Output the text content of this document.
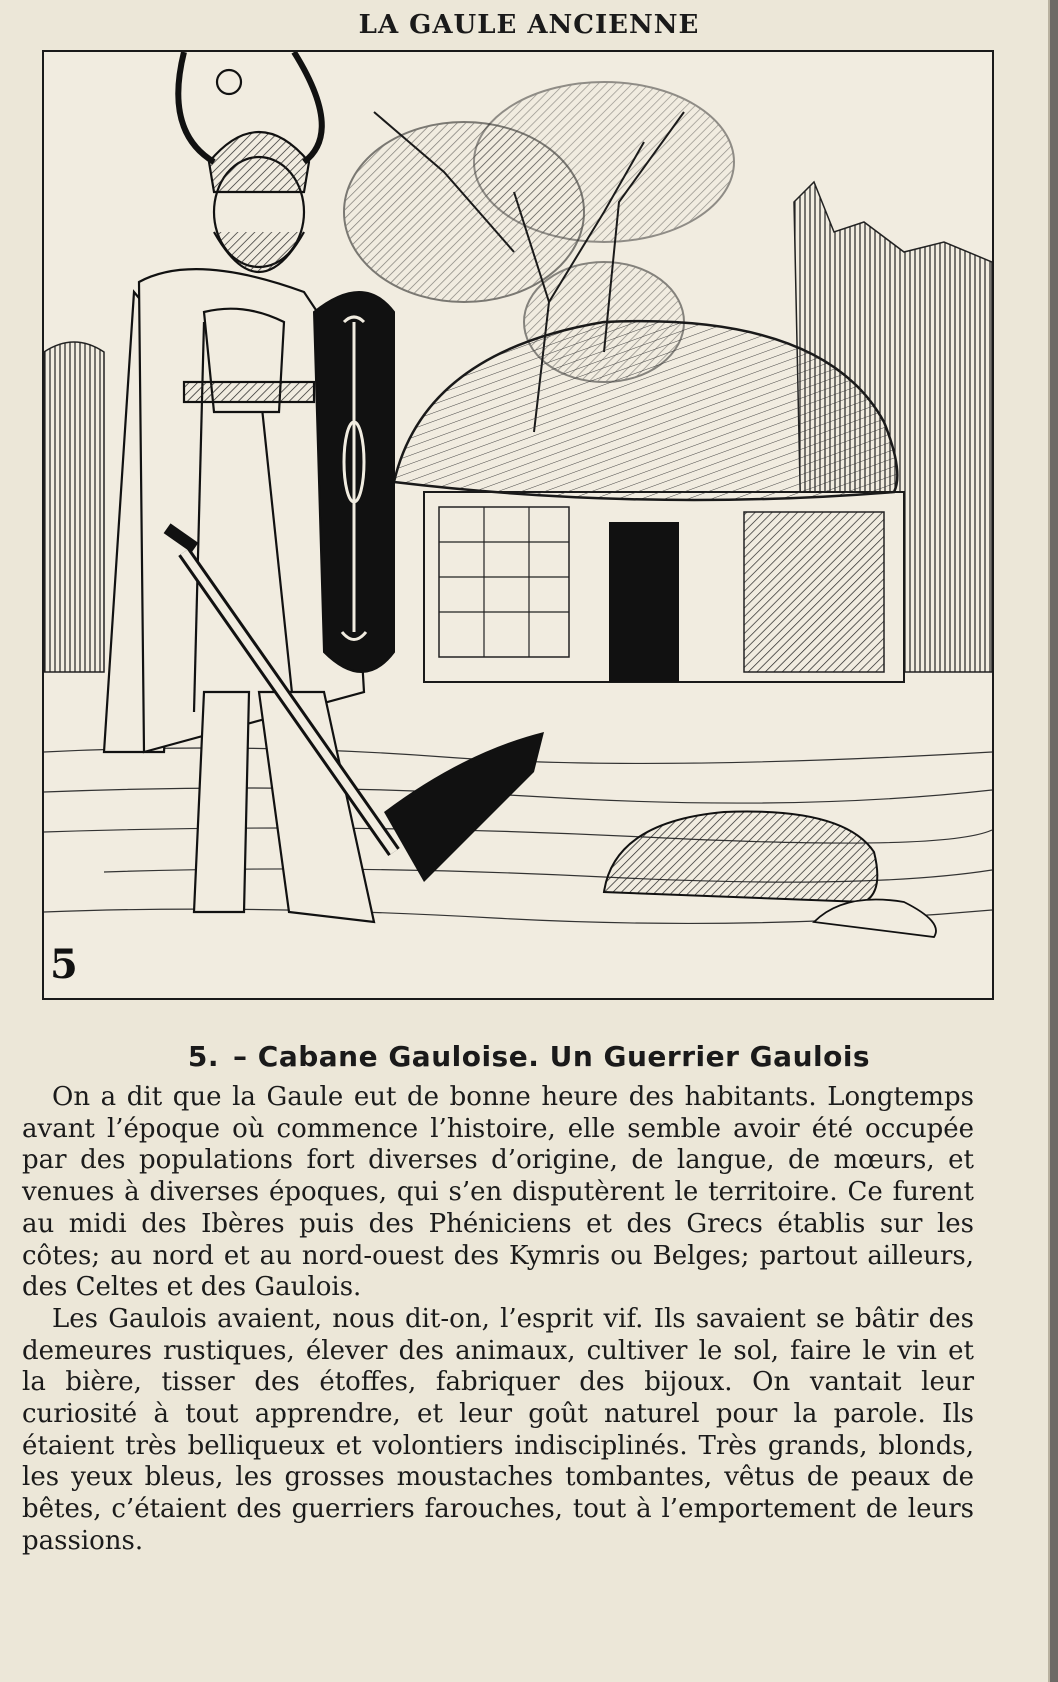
LA GAULE ANCIENNE
5
5. – Cabane Gauloise. Un Guerrier Gaulois

On a dit que la Gaule eut de bonne heure des habitants. Longtemps avant l’époque où commence l’histoire, elle semble avoir été occupée par des populations fort diverses d’origine, de langue, de mœurs, et venues à diverses époques, qui s’en disputèrent le territoire. Ce furent au midi des Ibères puis des Phéniciens et des Grecs établis sur les côtes; au nord et au nord-ouest des Kymris ou Belges; partout ailleurs, des Celtes et des Gaulois.

Les Gaulois avaient, nous dit-on, l’esprit vif. Ils savaient se bâtir des demeures rustiques, élever des animaux, cultiver le sol, faire le vin et la bière, tisser des étoffes, fabriquer des bijoux. On vantait leur curiosité à tout apprendre, et leur goût naturel pour la parole. Ils étaient très belliqueux et volontiers indisciplinés. Très grands, blonds, les yeux bleus, les grosses moustaches tombantes, vêtus de peaux de bêtes, c’étaient des guerriers farouches, tout à l’emportement de leurs passions.
